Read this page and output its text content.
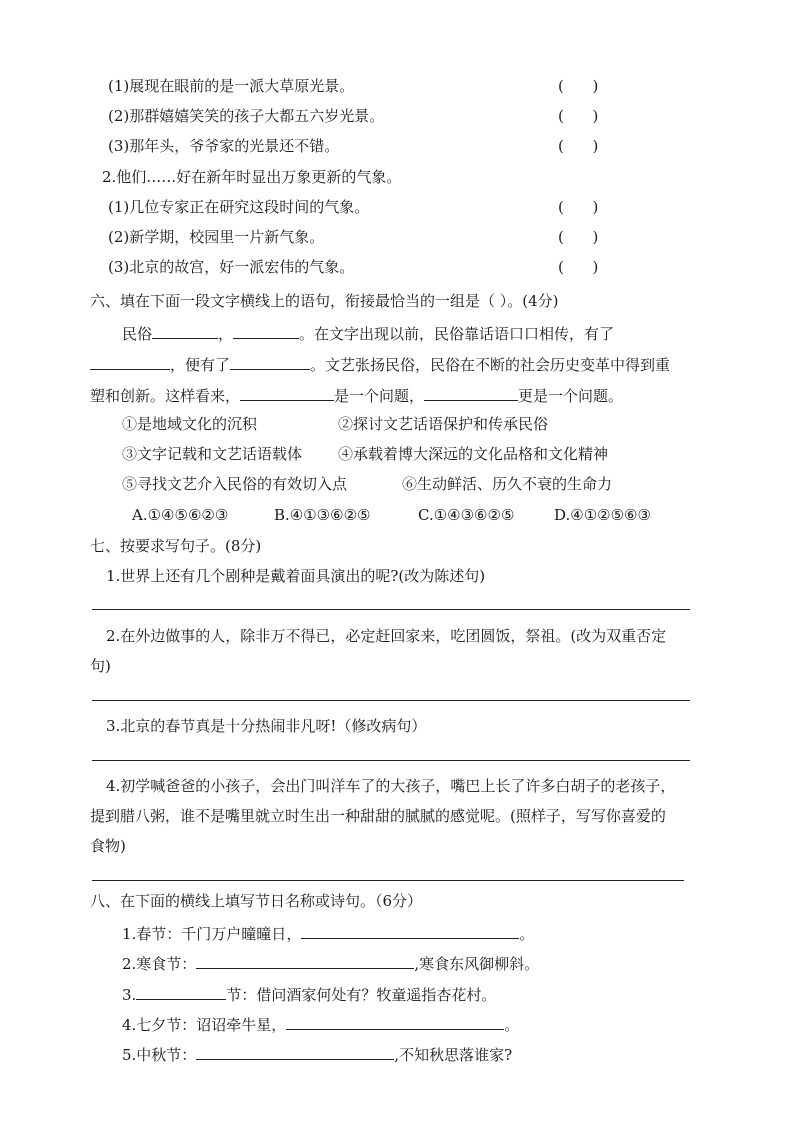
(1)展现在眼前的是一派大草原光景。	(      )
(2)那群嬉嬉笑笑的孩子大都五六岁光景。	(      )
(3)那年头，爷爷家的光景还不错。	(      )
2.他们……好在新年时显出万象更新的气象。
(1)几位专家正在研究这段时间的气象。	(      )
(2)新学期，校园里一片新气象。	(      )
(3)北京的故宫，好一派宏伟的气象。	(      )
六、填在下面一段文字横线上的语句，衔接最恰当的一组是（ ）。(4分)
民俗	，	。在文字出现以前，民俗靠话语口口相传，有了
，便有了	。文艺张扬民俗，民俗在不断的社会历史变革中得到重
塑和创新。这样看来，	是一个问题，	更是一个问题。
①是地域文化的沉积	②探讨文艺话语保护和传承民俗
③文字记载和文艺话语载体 ④承载着博大深远的文化品格和文化精神
⑤寻找文艺介入民俗的有效切入点	⑥生动鲜活、历久不衰的生命力
A.①④⑤⑥②③	B.④①③⑥②⑤	C.①④③⑥②⑤	D.④①②⑤⑥③
七、按要求写句子。(8分)
1.世界上还有几个剧种是戴着面具演出的呢?(改为陈述句)
2.在外边做事的人，除非万不得已，必定赶回家来，吃团圆饭，祭祖。(改为双重否定
句)
3.北京的春节真是十分热闹非凡呀!（修改病句）
4.初学喊爸爸的小孩子，会出门叫洋车了的大孩子，嘴巴上长了许多白胡子的老孩子，
提到腊八粥，谁不是嘴里就立时生出一种甜甜的腻腻的感觉呢。(照样子，写写你喜爱的
食物)
八、在下面的横线上填写节日名称或诗句。（6分）
1.春节：千门万户曈曈日，	。
2.寒食节：	,寒食东风御柳斜。
3.	节：借问酒家何处有？牧童遥指杏花村。
4.七夕节：诏诏牵牛星，	。
5.中秋节：	,不知秋思落谁家?
